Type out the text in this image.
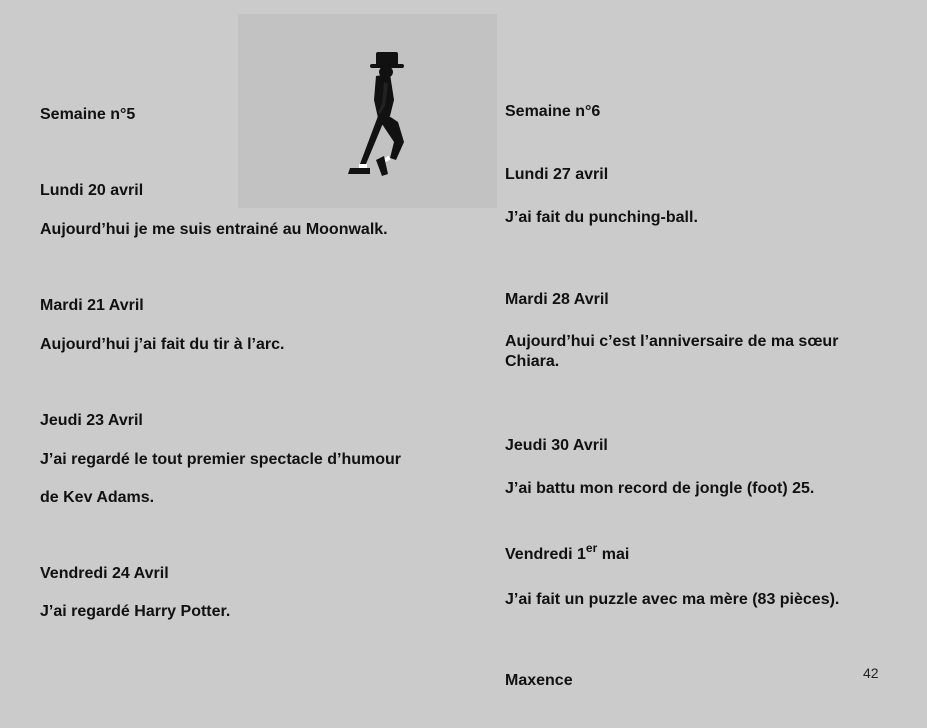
Semaine n°5
Lundi 20 avril
Aujourd’hui je me suis entrainé au Moonwalk.
Mardi 21 Avril
Aujourd’hui j’ai fait du tir à l’arc.
Jeudi 23 Avril
J’ai regardé le tout premier spectacle d’humour
de Kev Adams.
Vendredi 24 Avril
J’ai regardé Harry Potter.
Semaine n°6
Lundi 27 avril
J’ai fait du punching-ball.
Mardi 28 Avril
Aujourd’hui c’est l’anniversaire de ma sœur Chiara.
Jeudi 30 Avril
J’ai battu mon record de jongle (foot) 25.
Vendredi 1er mai
J’ai fait un puzzle avec ma mère (83 pièces).
Maxence	42
